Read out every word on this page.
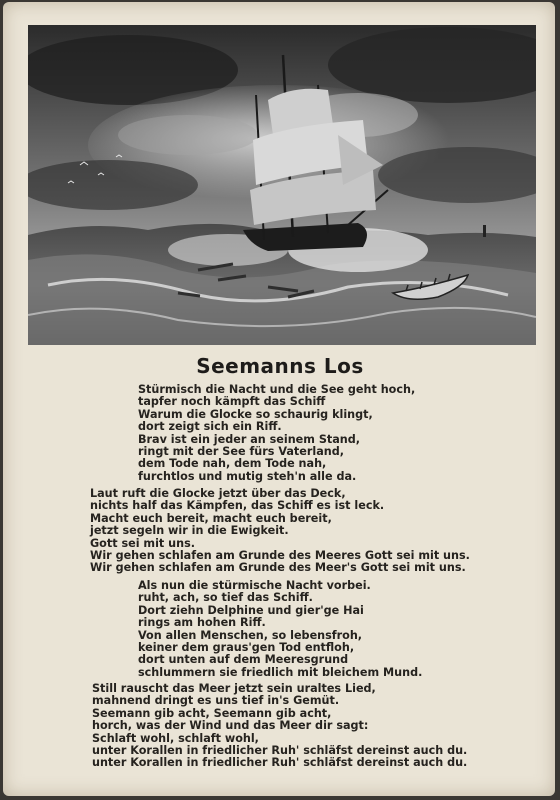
Seemanns Los
Stürmisch die Nacht und die See geht hoch,
tapfer noch kämpft das Schiff
Warum die Glocke so schaurig klingt,
dort zeigt sich ein Riff.
Brav ist ein jeder an seinem Stand,
ringt mit der See fürs Vaterland,
dem Tode nah, dem Tode nah,
furchtlos und mutig steh'n alle da.
Laut ruft die Glocke jetzt über das Deck,
nichts half das Kämpfen, das Schiff es ist leck.
Macht euch bereit, macht euch bereit,
jetzt segeln wir in die Ewigkeit.
Gott sei mit uns.
Wir gehen schlafen am Grunde des Meeres Gott sei mit uns.
Wir gehen schlafen am Grunde des Meer's Gott sei mit uns.
Als nun die stürmische Nacht vorbei.
ruht, ach, so tief das Schiff.
Dort ziehn Delphine und gier'ge Hai
rings am hohen Riff.
Von allen Menschen, so lebensfroh,
keiner dem graus'gen Tod entfloh,
dort unten auf dem Meeresgrund
schlummern sie friedlich mit bleichem Mund.
Still rauscht das Meer jetzt sein uraltes Lied,
mahnend dringt es uns tief in's Gemüt.
Seemann gib acht, Seemann gib acht,
horch, was der Wind und das Meer dir sagt:
Schlaft wohl, schlaft wohl,
unter Korallen in friedlicher Ruh' schläfst dereinst auch du.
unter Korallen in friedlicher Ruh' schläfst dereinst auch du.
